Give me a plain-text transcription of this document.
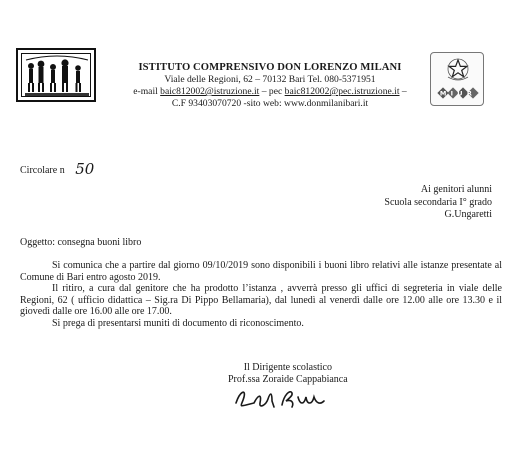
ISTITUTO COMPRENSIVO DON LORENZO MILANI
Viale delle Regioni, 62 – 70132 Bari Tel. 080-5371951
e-mail baic812002@istruzione.it – pec baic812002@pec.istruzione.it –
C.F 93403070720 -sito web: www.donmilanibari.it
MIUR
Circolare n 50
Ai genitori alunni
Scuola secondaria I° grado
G.Ungaretti
Oggetto: consegna buoni libro

Si comunica che a partire dal giorno 09/10/2019 sono disponibili i buoni libro relativi alle istanze presentate al Comune di Bari entro agosto 2019.

Il ritiro, a cura dal genitore che ha prodotto l’istanza , avverrà presso gli uffici di segreteria in viale delle Regioni, 62 ( ufficio didattica – Sig.ra Di Pippo Bellamaria), dal lunedì al venerdì dalle ore 12.00 alle ore 13.30 e il giovedì dalle ore 16.00 alle ore 17.00.

Si prega di presentarsi muniti di documento di riconoscimento.

Il Dirigente scolastico
Prof.ssa Zoraide Cappabianca
